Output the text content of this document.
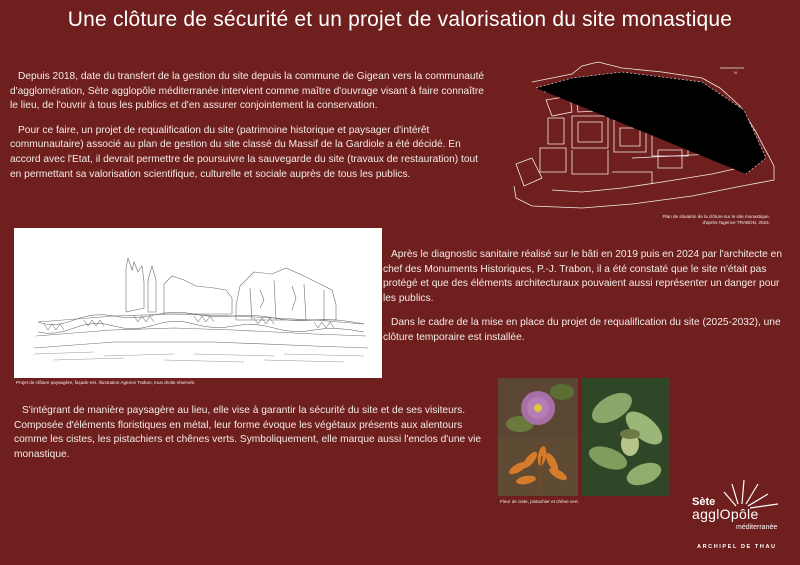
Une clôture de sécurité et un projet de valorisation du site monastique

Depuis 2018, date du transfert de la gestion du site depuis la commune de Gigean vers la communauté d'agglomération, Sète agglopôle méditerranée intervient comme maître d'ouvrage visant à faire connaître le lieu, de l'ouvrir à tous les publics et d'en assurer conjointement la conservation.

Pour ce faire, un projet de requalification du site (patrimoine historique et paysager d'intérêt communautaire) associé au plan de gestion du site classé du Massif de la Gardiole a été décidé. En accord avec l'Etat, il devrait permettre de poursuivre la sauvegarde du site (travaux de restauration) tout en permettant sa valorisation scientifique, culturelle et sociale auprès de tous les publics.

N
Plan de situation de la clôture sur le site monastique,
d'après l'agence TRABON, 2024.
Projet de clôture paysagère, façade est. Illustration Agence Trabon, tous droits réservés.

Après le diagnostic sanitaire réalisé sur le bâti en 2019 puis en 2024 par l'architecte en chef des Monuments Historiques, P.-J. Trabon, il a été constaté que le site n'était pas protégé et que des éléments architecturaux pouvaient aussi représenter un danger pour les publics.

Dans le cadre de la mise en place du projet de requalification du site (2025-2032), une clôture temporaire est installée.

S'intégrant de manière paysagère au lieu, elle vise à garantir la sécurité du site et de ses visiteurs. Composée d'éléments floristiques en métal, leur forme évoque les végétaux présents aux alentours comme les cistes, les pistachiers et chênes verts. Symboliquement, elle marque aussi l'enclos d'une vie monastique.

Fleur de ciste, pistachier et chêne vert.	Sète
agglOpôle
méditerranée
ARCHIPEL DE THAU
